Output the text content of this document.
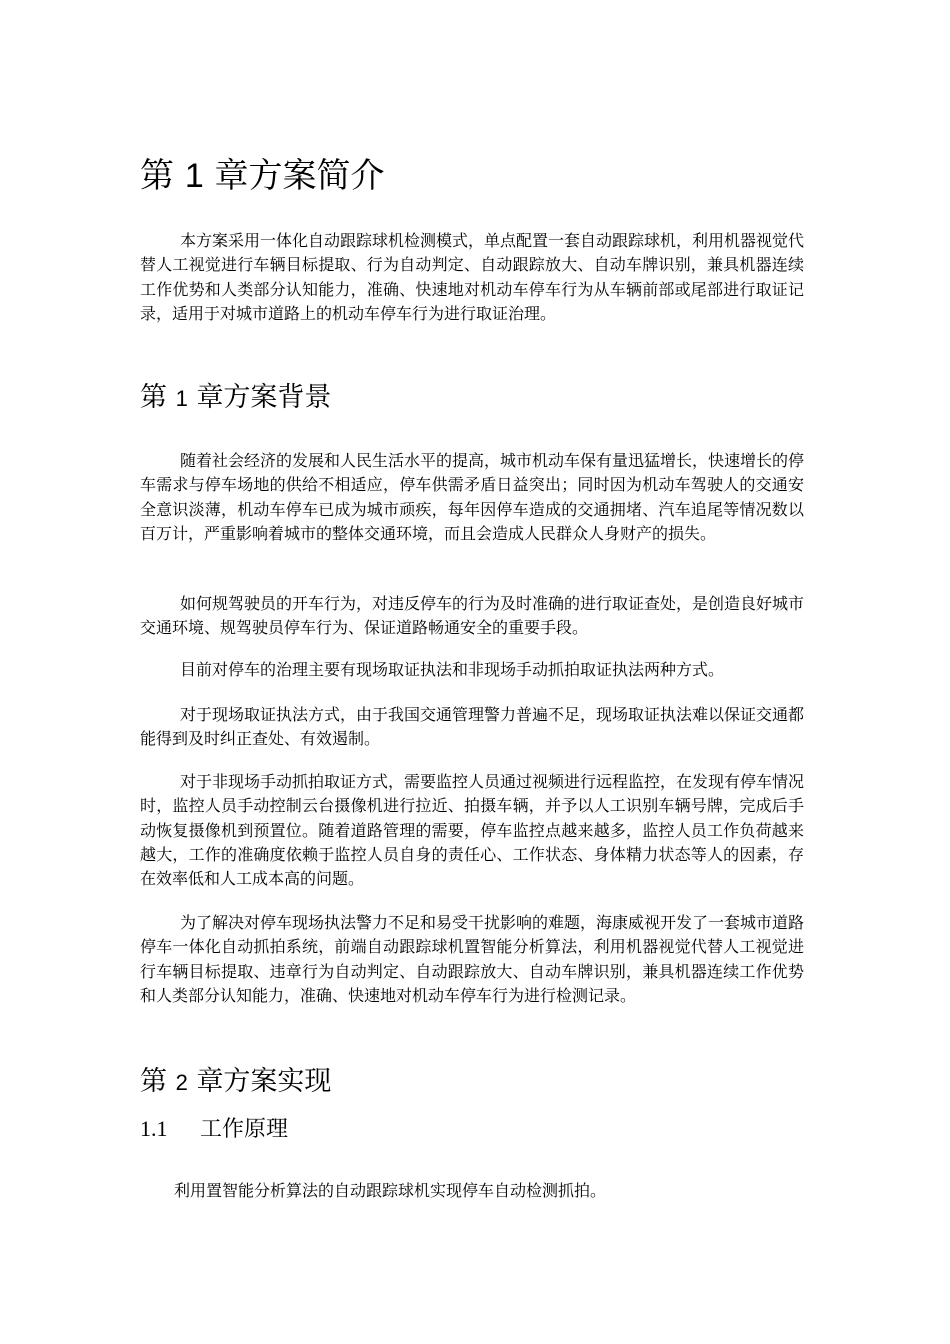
第 1 章方案简介

本方案采用一体化自动跟踪球机检测模式，单点配置一套自动跟踪球机，利用机器视觉代替人工视觉进行车辆目标提取、行为自动判定、自动跟踪放大、自动车牌识别，兼具机器连续工作优势和人类部分认知能力，准确、快速地对机动车停车行为从车辆前部或尾部进行取证记录，适用于对城市道路上的机动车停车行为进行取证治理。

第 1 章方案背景

随着社会经济的发展和人民生活水平的提高，城市机动车保有量迅猛增长，快速增长的停车需求与停车场地的供给不相适应，停车供需矛盾日益突出；同时因为机动车驾驶人的交通安全意识淡薄，机动车停车已成为城市顽疾，每年因停车造成的交通拥堵、汽车追尾等情况数以百万计，严重影响着城市的整体交通环境，而且会造成人民群众人身财产的损失。

如何规驾驶员的开车行为，对违反停车的行为及时准确的进行取证查处，是创造良好城市交通环境、规驾驶员停车行为、保证道路畅通安全的重要手段。

目前对停车的治理主要有现场取证执法和非现场手动抓拍取证执法两种方式。

对于现场取证执法方式，由于我国交通管理警力普遍不足，现场取证执法难以保证交通都能得到及时纠正查处、有效遏制。

对于非现场手动抓拍取证方式，需要监控人员通过视频进行远程监控，在发现有停车情况时，监控人员手动控制云台摄像机进行拉近、拍摄车辆，并予以人工识别车辆号牌，完成后手动恢复摄像机到预置位。随着道路管理的需要，停车监控点越来越多，监控人员工作负荷越来越大，工作的准确度依赖于监控人员自身的责任心、工作状态、身体精力状态等人的因素，存在效率低和人工成本高的问题。

为了解决对停车现场执法警力不足和易受干扰影响的难题，海康威视开发了一套城市道路停车一体化自动抓拍系统，前端自动跟踪球机置智能分析算法，利用机器视觉代替人工视觉进行车辆目标提取、违章行为自动判定、自动跟踪放大、自动车牌识别，兼具机器连续工作优势和人类部分认知能力，准确、快速地对机动车停车行为进行检测记录。

第 2 章方案实现
1.1 工作原理

利用置智能分析算法的自动跟踪球机实现停车自动检测抓拍。
